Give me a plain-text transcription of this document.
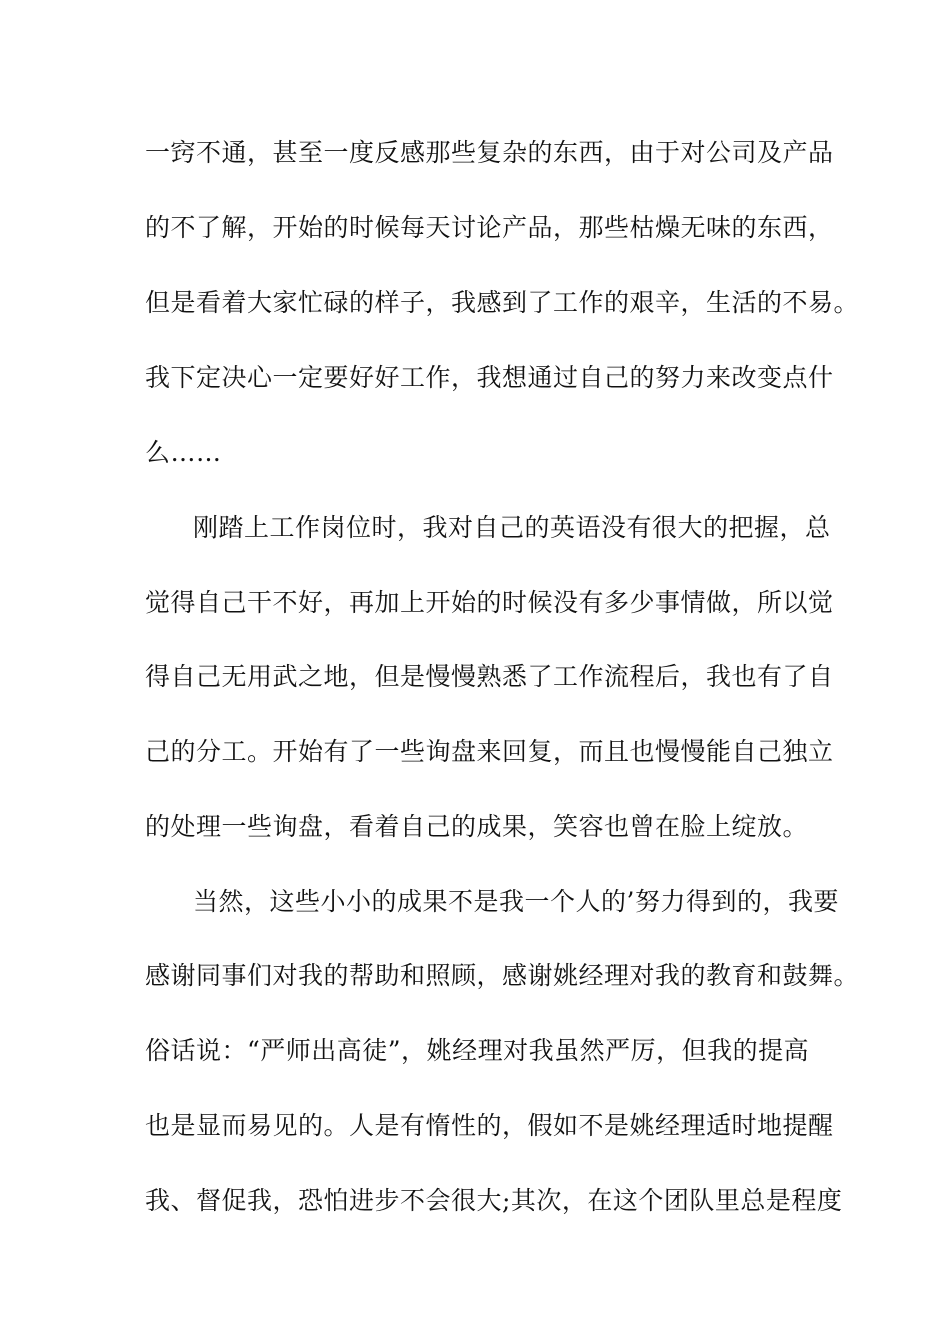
一窍不通，甚至一度反感那些复杂的东西，由于对公司及产品
的不了解，开始的时候每天讨论产品，那些枯燥无味的东西，
但是看着大家忙碌的样子，我感到了工作的艰辛，生活的不易。
我下定决心一定要好好工作，我想通过自己的努力来改变点什
么……
刚踏上工作岗位时，我对自己的英语没有很大的把握，总
觉得自己干不好，再加上开始的时候没有多少事情做，所以觉
得自己无用武之地，但是慢慢熟悉了工作流程后，我也有了自
己的分工。开始有了一些询盘来回复，而且也慢慢能自己独立
的处理一些询盘，看着自己的成果，笑容也曾在脸上绽放。
当然，这些小小的成果不是我一个人的’努力得到的，我要
感谢同事们对我的帮助和照顾，感谢姚经理对我的教育和鼓舞。
俗话说：“严师出高徒”，姚经理对我虽然严厉，但我的提高
也是显而易见的。人是有惰性的，假如不是姚经理适时地提醒
我、督促我，恐怕进步不会很大;其次，在这个团队里总是程度
